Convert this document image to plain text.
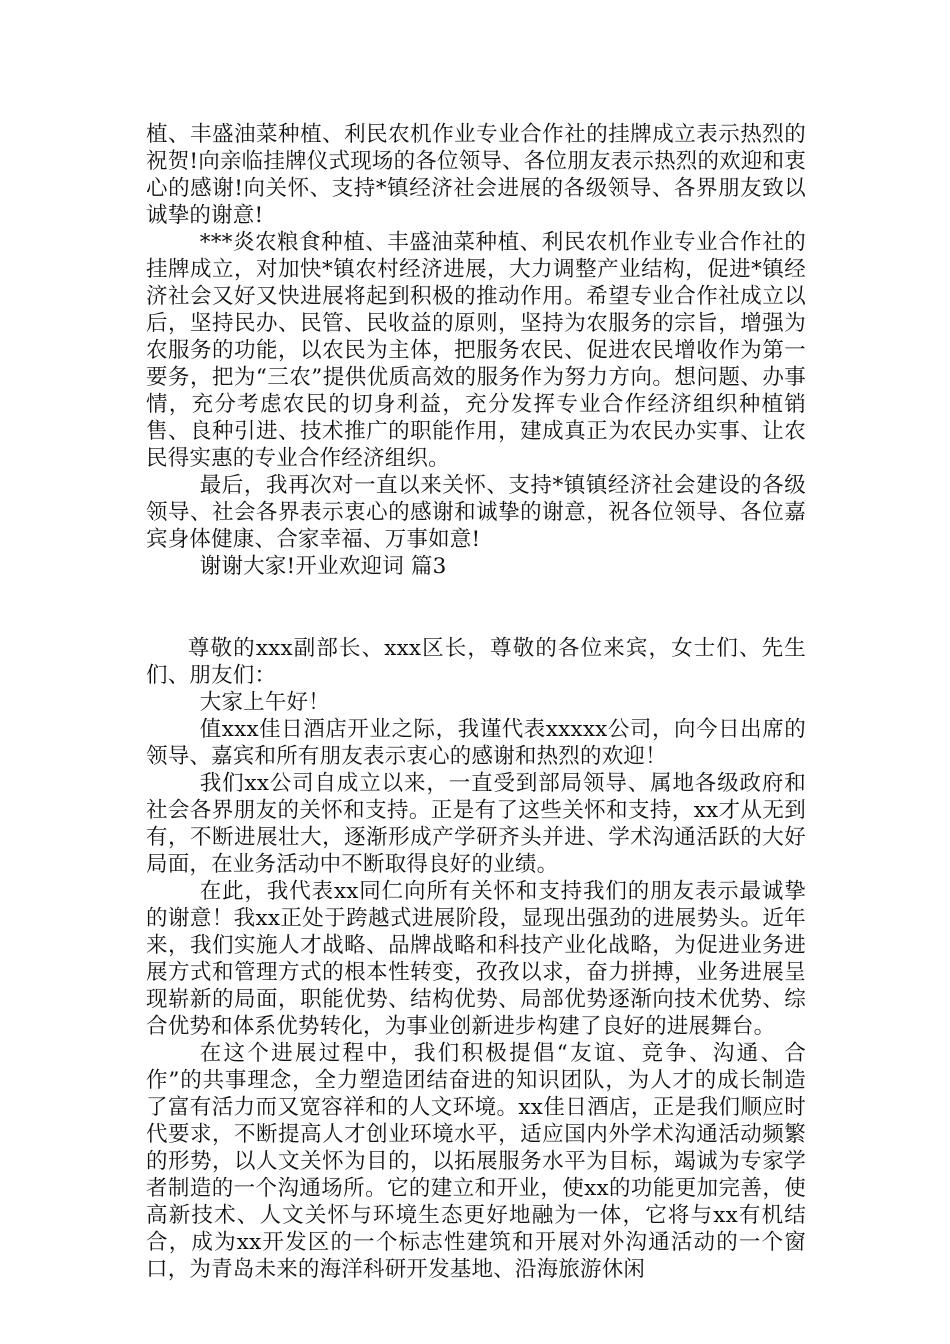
植、丰盛油菜种植、利民农机作业专业合作社的挂牌成立表示热烈的祝贺!向亲临挂牌仪式现场的各位领导、各位朋友表示热烈的欢迎和衷心的感谢!向关怀、支持*镇经济社会进展的各级领导、各界朋友致以诚挚的谢意!

***炎农粮食种植、丰盛油菜种植、利民农机作业专业合作社的挂牌成立，对加快*镇农村经济进展，大力调整产业结构，促进*镇经济社会又好又快进展将起到积极的推动作用。希望专业合作社成立以后，坚持民办、民管、民收益的原则，坚持为农服务的宗旨，增强为农服务的功能，以农民为主体，把服务农民、促进农民增收作为第一要务，把为“三农”提供优质高效的服务作为努力方向。想问题、办事情，充分考虑农民的切身利益，充分发挥专业合作经济组织种植销售、良种引进、技术推广的职能作用，建成真正为农民办实事、让农民得实惠的专业合作经济组织。

最后，我再次对一直以来关怀、支持*镇镇经济社会建设的各级领导、社会各界表示衷心的感谢和诚挚的谢意，祝各位领导、各位嘉宾身体健康、合家幸福、万事如意!

谢谢大家!开业欢迎词 篇3

尊敬的xxx副部长、xxx区长，尊敬的各位来宾，女士们、先生们、朋友们：

大家上午好！

值xxx佳日酒店开业之际，我谨代表xxxxx公司，向今日出席的领导、嘉宾和所有朋友表示衷心的感谢和热烈的欢迎！

我们xx公司自成立以来，一直受到部局领导、属地各级政府和社会各界朋友的关怀和支持。正是有了这些关怀和支持，xx才从无到有，不断进展壮大，逐渐形成产学研齐头并进、学术沟通活跃的大好局面，在业务活动中不断取得良好的业绩。

在此，我代表xx同仁向所有关怀和支持我们的朋友表示最诚挚的谢意！我xx正处于跨越式进展阶段，显现出强劲的进展势头。近年来，我们实施人才战略、品牌战略和科技产业化战略，为促进业务进展方式和管理方式的根本性转变，孜孜以求，奋力拼搏，业务进展呈现崭新的局面，职能优势、结构优势、局部优势逐渐向技术优势、综合优势和体系优势转化，为事业创新进步构建了良好的进展舞台。

在这个进展过程中，我们积极提倡“友谊、竞争、沟通、合作”的共事理念，全力塑造团结奋进的知识团队，为人才的成长制造了富有活力而又宽容祥和的人文环境。xx佳日酒店，正是我们顺应时代要求，不断提高人才创业环境水平，适应国内外学术沟通活动频繁的形势，以人文关怀为目的，以拓展服务水平为目标，竭诚为专家学者制造的一个沟通场所。它的建立和开业，使xx的功能更加完善，使高新技术、人文关怀与环境生态更好地融为一体，它将与xx有机结合，成为xx开发区的一个标志性建筑和开展对外沟通活动的一个窗口，为青岛未来的海洋科研开发基地、沿海旅游休闲
